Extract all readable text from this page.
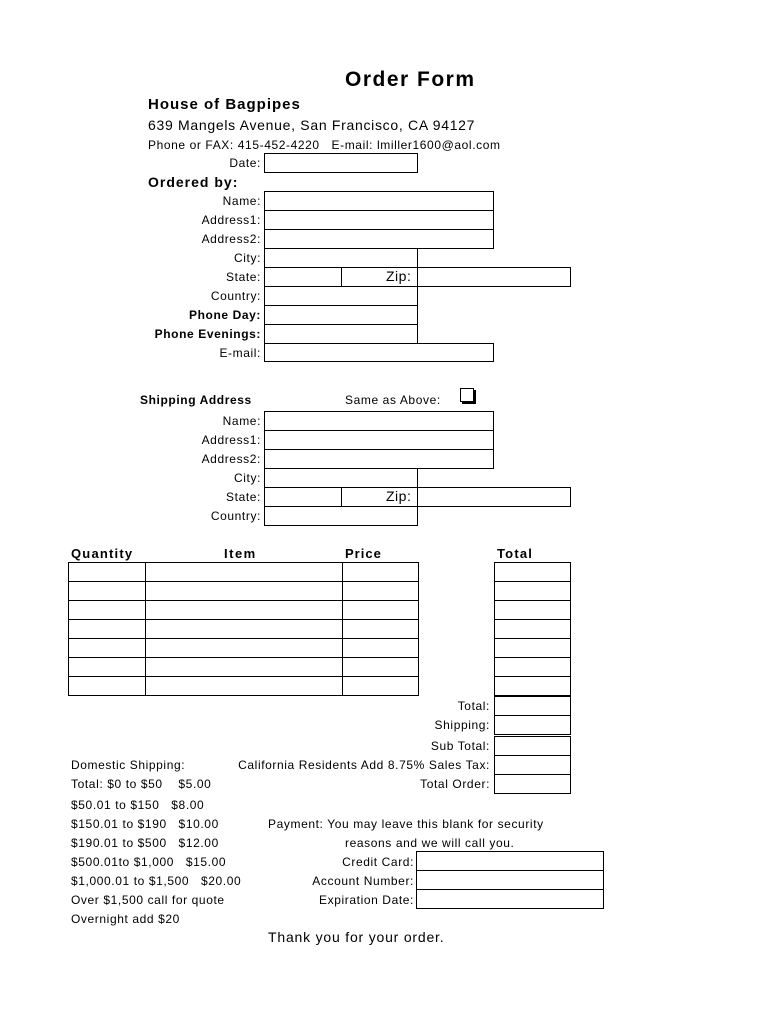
Order Form
House of Bagpipes
639 Mangels Avenue, San Francisco, CA 94127
Phone or FAX: 415-452-4220   E-mail: lmiller1600@aol.com
Date:
Ordered by:
Name:
Address1:
Address2:
City:
State:	Zip:
Country:
Phone Day:
Phone Evenings:
E-mail:
Shipping Address	Same as Above:
Name:
Address1:
Address2:
City:
State:	Zip:
Country:
Quantity	Item	Price	Total
Total:
Shipping:
Sub Total:
California Residents Add 8.75% Sales Tax:
Total Order:
Domestic Shipping:
Total: $0 to $50    $5.00
$50.01 to $150   $8.00
$150.01 to $190   $10.00
$190.01 to $500   $12.00
$500.01to $1,000   $15.00
$1,000.01 to $1,500   $20.00
Over $1,500 call for quote
Overnight add $20
Payment: You may leave this blank for security
reasons and we will call you.
Credit Card:
Account Number:
Expiration Date:
Thank you for your order.
